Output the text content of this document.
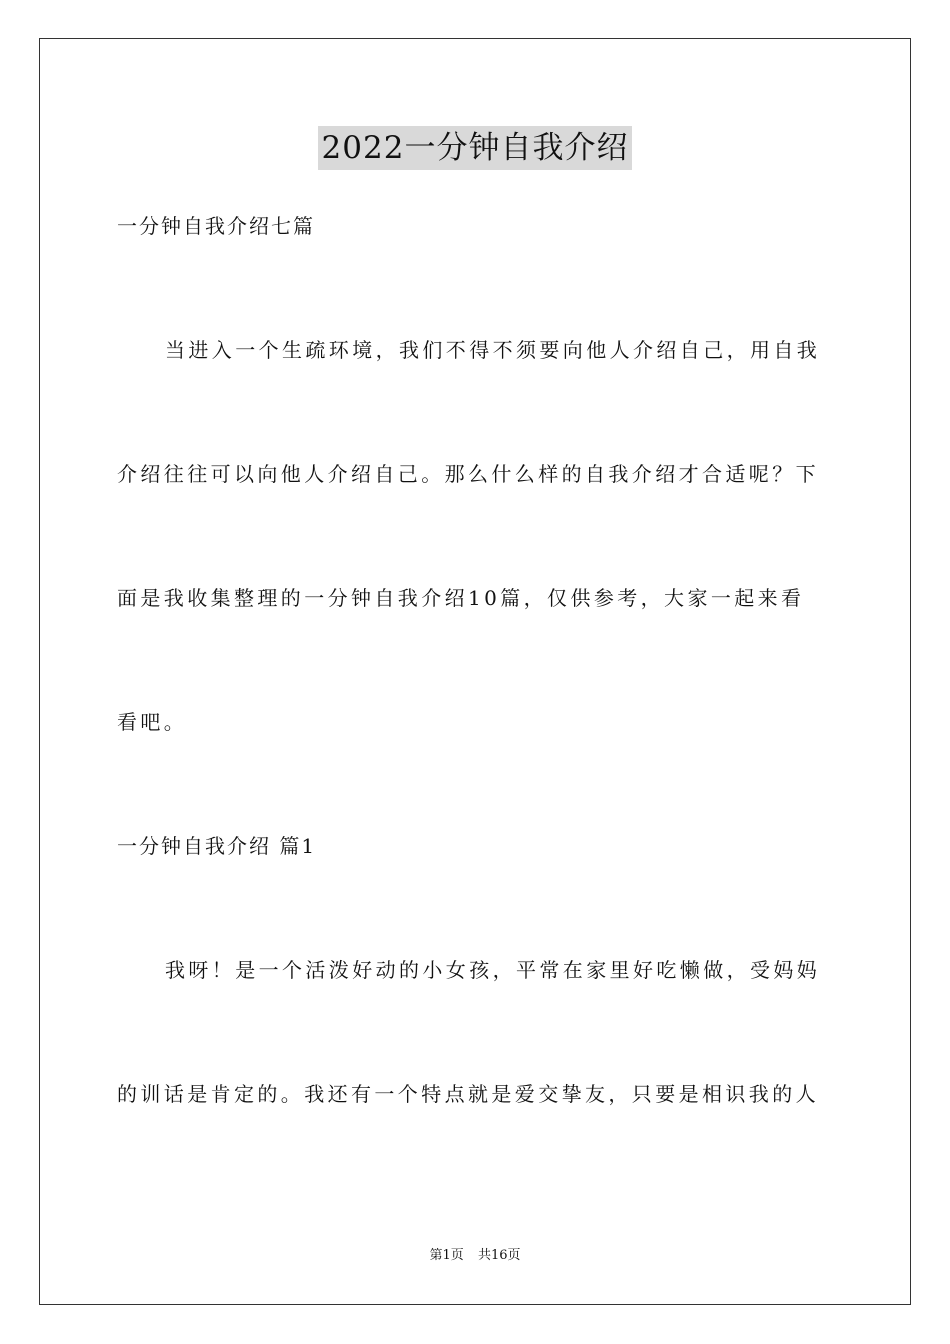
2022一分钟自我介绍
一分钟自我介绍七篇
当进入一个生疏环境，我们不得不须要向他人介绍自己，用自我
介绍往往可以向他人介绍自己。那么什么样的自我介绍才合适呢？下
面是我收集整理的一分钟自我介绍10篇，仅供参考，大家一起来看
看吧。
一分钟自我介绍 篇1
我呀！是一个活泼好动的小女孩，平常在家里好吃懒做，受妈妈
的训话是肯定的。我还有一个特点就是爱交挚友，只要是相识我的人
第1页 共16页
